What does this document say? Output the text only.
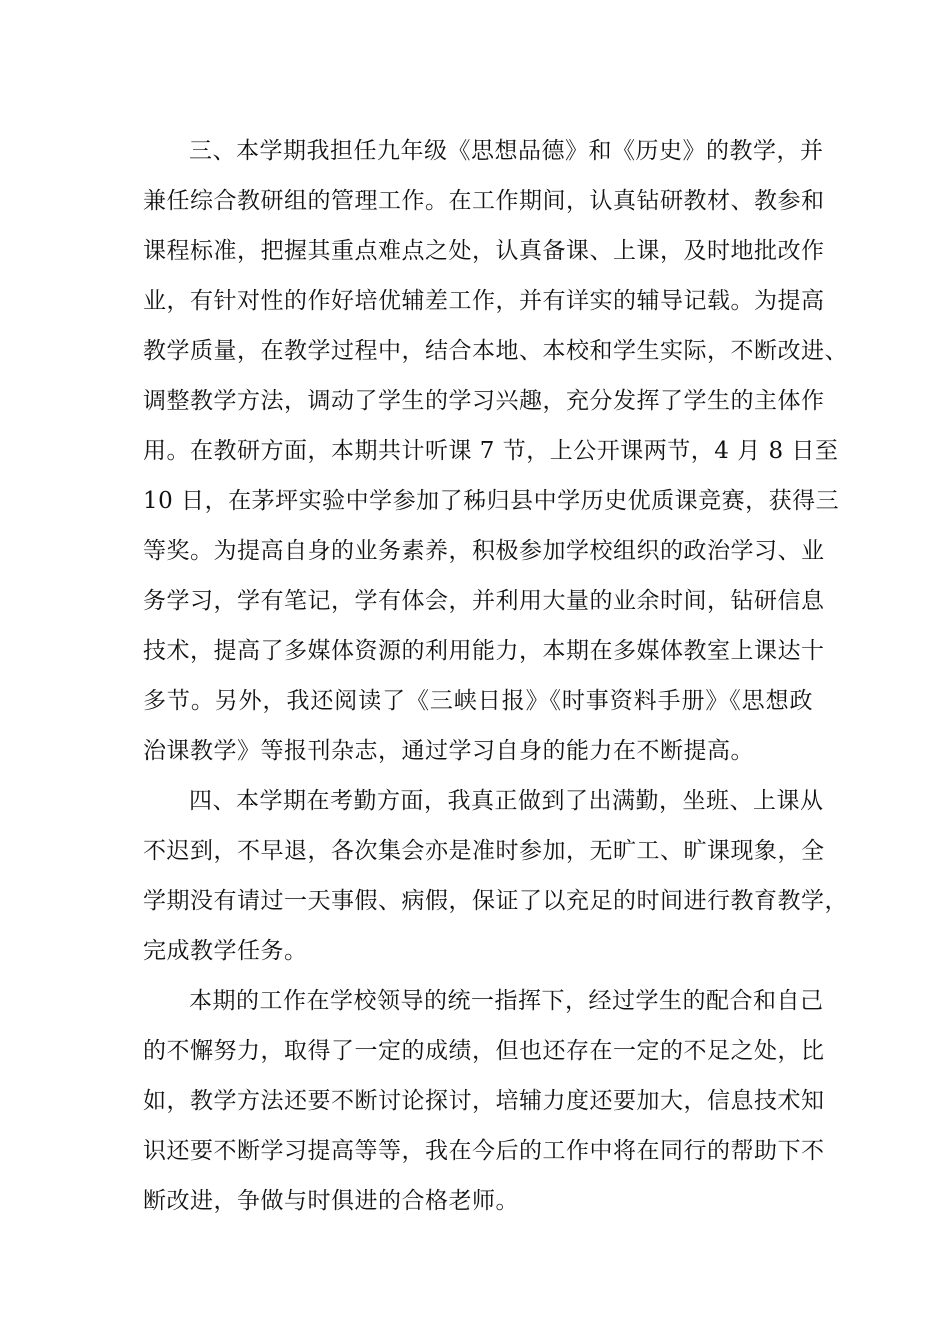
三、本学期我担任九年级《思想品德》和《历史》的教学，并
兼任综合教研组的管理工作。在工作期间，认真钻研教材、教参和
课程标准，把握其重点难点之处，认真备课、上课，及时地批改作
业，有针对性的作好培优辅差工作，并有详实的辅导记载。为提高
教学质量，在教学过程中，结合本地、本校和学生实际，不断改进、
调整教学方法，调动了学生的学习兴趣，充分发挥了学生的主体作
用。在教研方面，本期共计听课 7 节，上公开课两节，4 月 8 日至
10 日，在茅坪实验中学参加了秭归县中学历史优质课竞赛，获得三
等奖。为提高自身的业务素养，积极参加学校组织的政治学习、业
务学习，学有笔记，学有体会，并利用大量的业余时间，钻研信息
技术，提高了多媒体资源的利用能力，本期在多媒体教室上课达十
多节。另外，我还阅读了《三峡日报》《时事资料手册》《思想政
治课教学》等报刊杂志，通过学习自身的能力在不断提高。
四、本学期在考勤方面，我真正做到了出满勤，坐班、上课从
不迟到，不早退，各次集会亦是准时参加，无旷工、旷课现象，全
学期没有请过一天事假、病假，保证了以充足的时间进行教育教学，
完成教学任务。
本期的工作在学校领导的统一指挥下，经过学生的配合和自己
的不懈努力，取得了一定的成绩，但也还存在一定的不足之处，比
如，教学方法还要不断讨论探讨，培辅力度还要加大，信息技术知
识还要不断学习提高等等，我在今后的工作中将在同行的帮助下不
断改进，争做与时俱进的合格老师。
